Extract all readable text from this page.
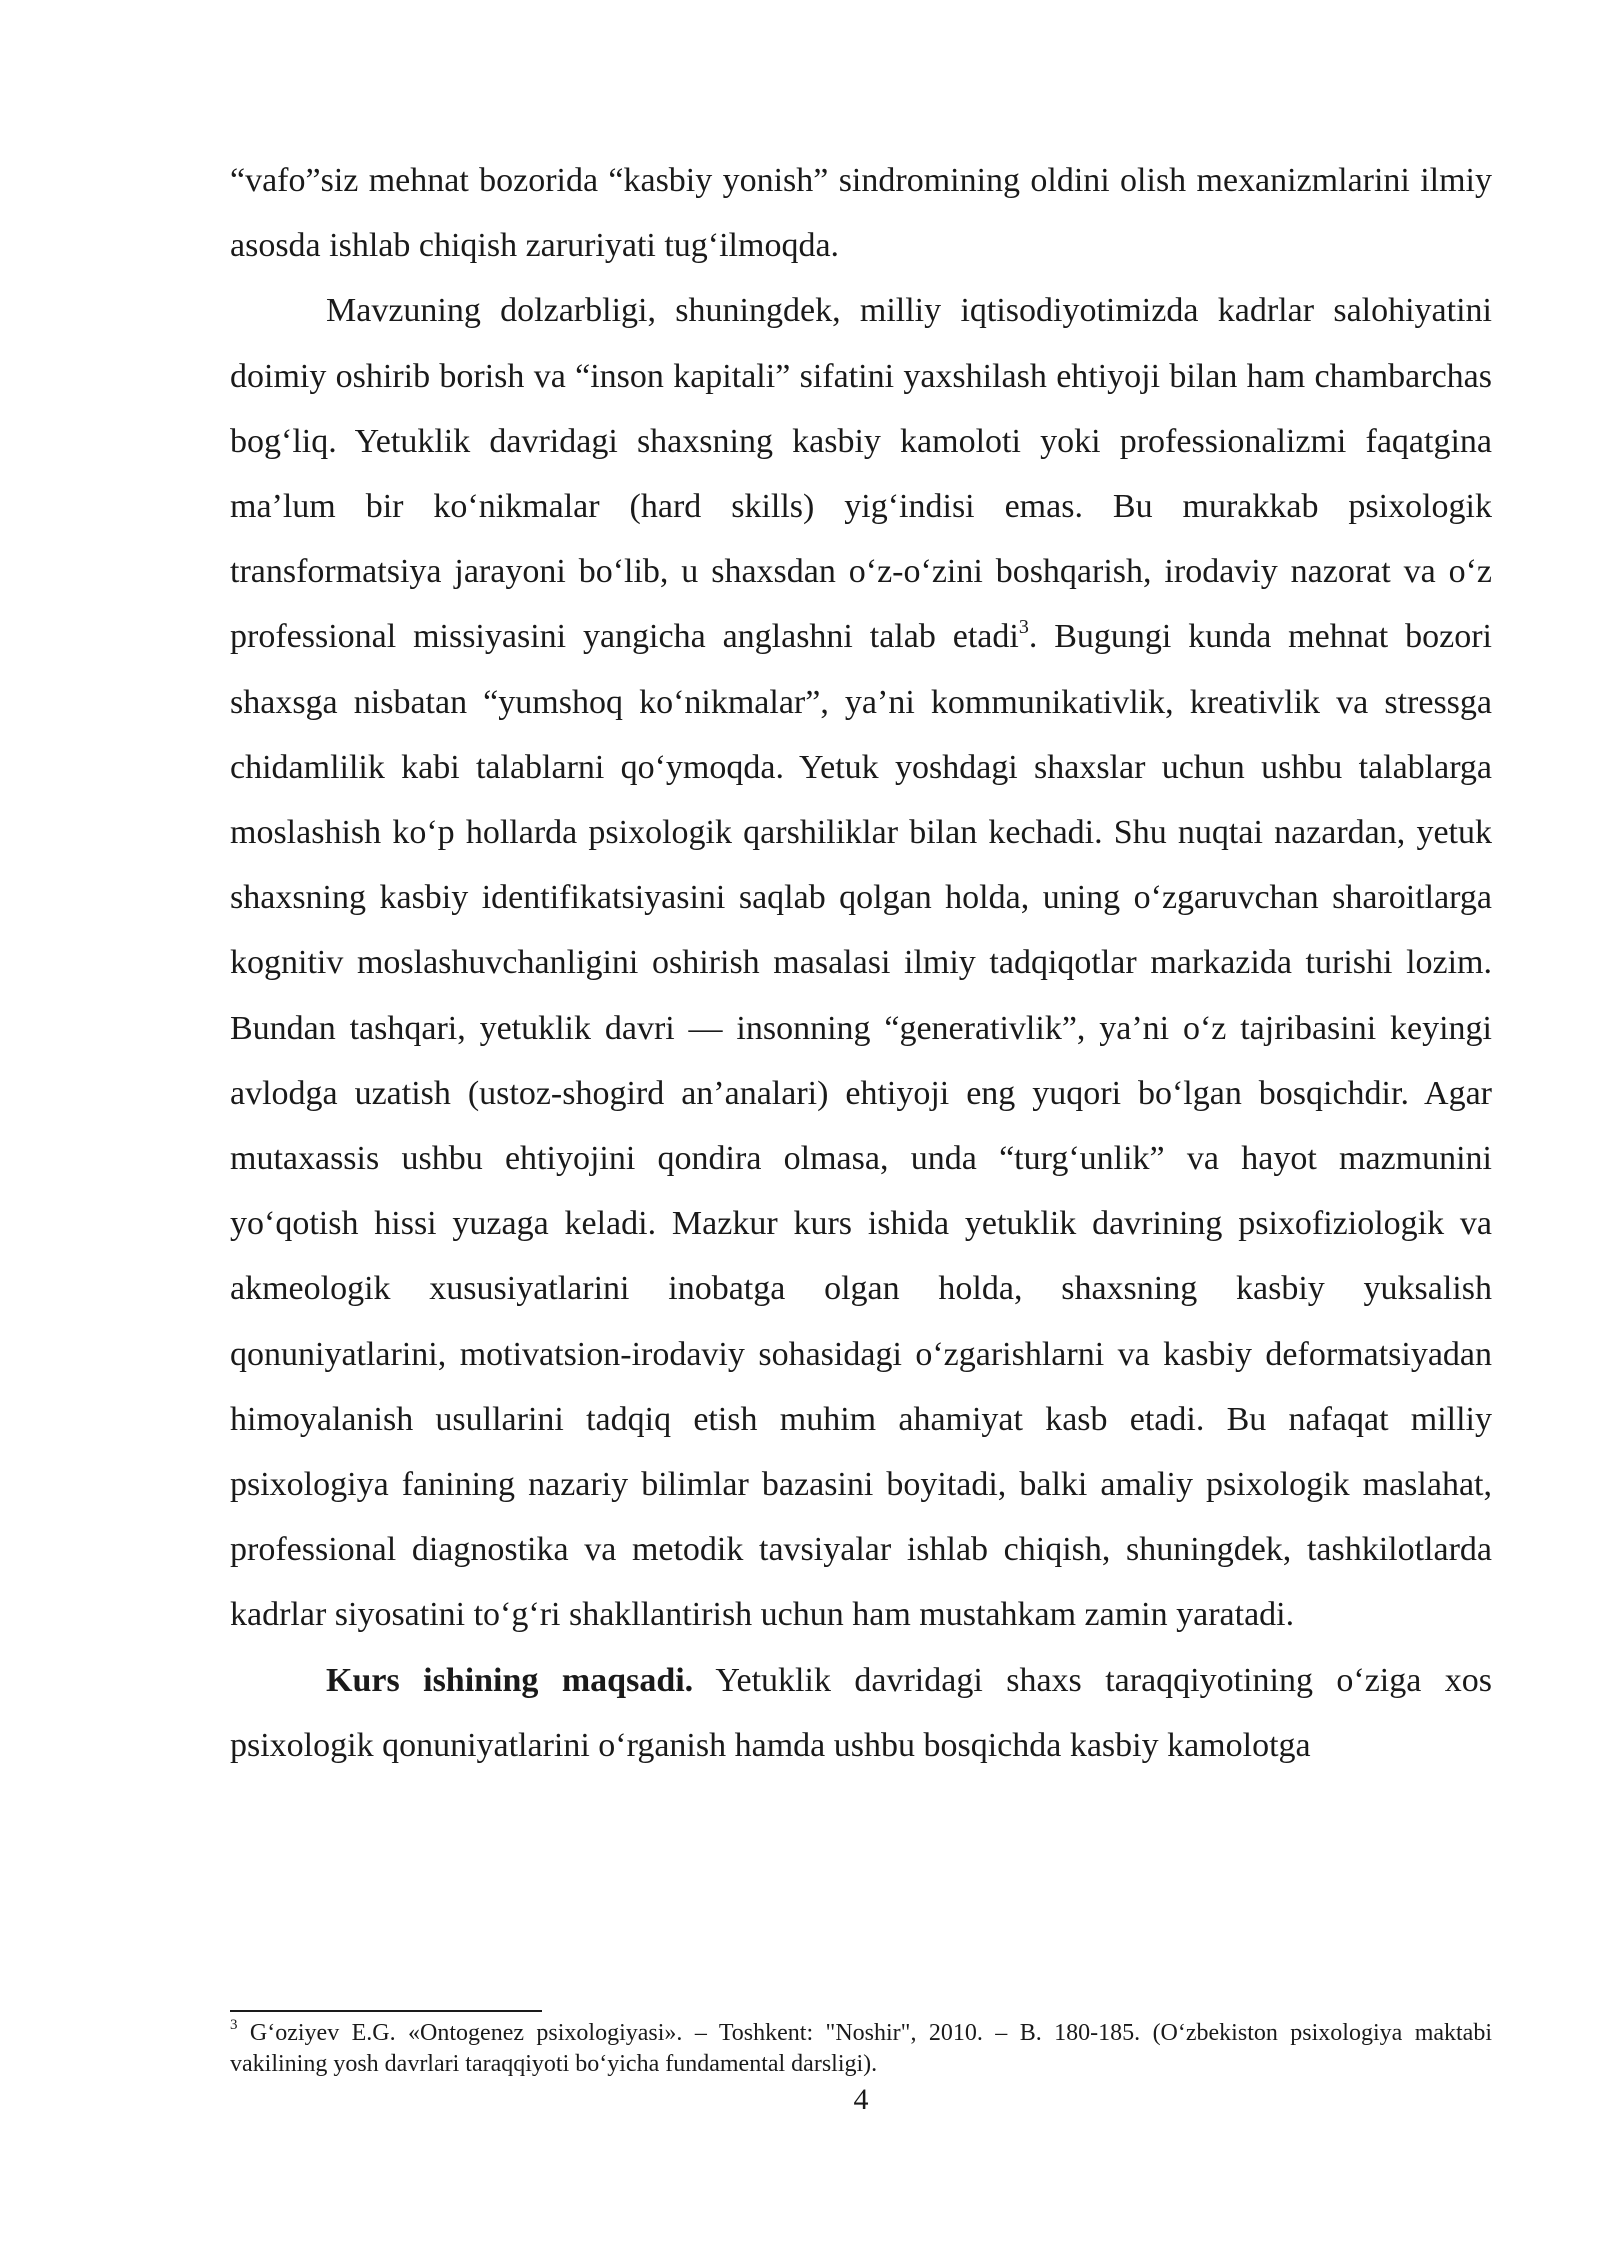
“vafo”siz mehnat bozorida “kasbiy yonish” sindromining oldini olish mexanizmlarini ilmiy asosda ishlab chiqish zaruriyati tug‘ilmoqda.

Mavzuning dolzarbligi, shuningdek, milliy iqtisodiyotimizda kadrlar salohiyatini doimiy oshirib borish va “inson kapitali” sifatini yaxshilash ehtiyoji bilan ham chambarchas bog‘liq. Yetuklik davridagi shaxsning kasbiy kamoloti yoki professionalizmi faqatgina ma’lum bir ko‘nikmalar (hard skills) yig‘indisi emas. Bu murakkab psixologik transformatsiya jarayoni bo‘lib, u shaxsdan o‘z-o‘zini boshqarish, irodaviy nazorat va o‘z professional missiyasini yangicha anglashni talab etadi$^3$. Bugungi kunda mehnat bozori shaxsga nisbatan “yumshoq ko‘nikmalar”, ya’ni kommunikativlik, kreativlik va stressga chidamlilik kabi talablarni qo‘ymoqda. Yetuk yoshdagi shaxslar uchun ushbu talablarga moslashish ko‘p hollarda psixologik qarshiliklar bilan kechadi. Shu nuqtai nazardan, yetuk shaxsning kasbiy identifikatsiyasini saqlab qolgan holda, uning o‘zgaruvchan sharoitlarga kognitiv moslashuvchanligini oshirish masalasi ilmiy tadqiqotlar markazida turishi lozim. Bundan tashqari, yetuklik davri — insonning “generativlik”, ya’ni o‘z tajribasini keyingi avlodga uzatish (ustoz-shogird an’analari) ehtiyoji eng yuqori bo‘lgan bosqichdir. Agar mutaxassis ushbu ehtiyojini qondira olmasa, unda “turg‘unlik” va hayot mazmunini yo‘qotish hissi yuzaga keladi. Mazkur kurs ishida yetuklik davrining psixofiziologik va akmeologik xususiyatlarini inobatga olgan holda, shaxsning kasbiy yuksalish qonuniyatlarini, motivatsion-irodaviy sohasidagi o‘zgarishlarni va kasbiy deformatsiyadan himoyalanish usullarini tadqiq etish muhim ahamiyat kasb etadi. Bu nafaqat milliy psixologiya fanining nazariy bilimlar bazasini boyitadi, balki amaliy psixologik maslahat, professional diagnostika va metodik tavsiyalar ishlab chiqish, shuningdek, tashkilotlarda kadrlar siyosatini to‘g‘ri shakllantirish uchun ham mustahkam zamin yaratadi.

Kurs ishining maqsadi. Yetuklik davridagi shaxs taraqqiyotining o‘ziga xos psixologik qonuniyatlarini o‘rganish hamda ushbu bosqichda kasbiy kamolotga

$^3$ G‘oziyev E.G. «Ontogenez psixologiyasi». – Toshkent: "Noshir", 2010. – B. 180-185. (O‘zbekiston psixologiya maktabi vakilining yosh davrlari taraqqiyoti bo‘yicha fundamental darsligi).

4
